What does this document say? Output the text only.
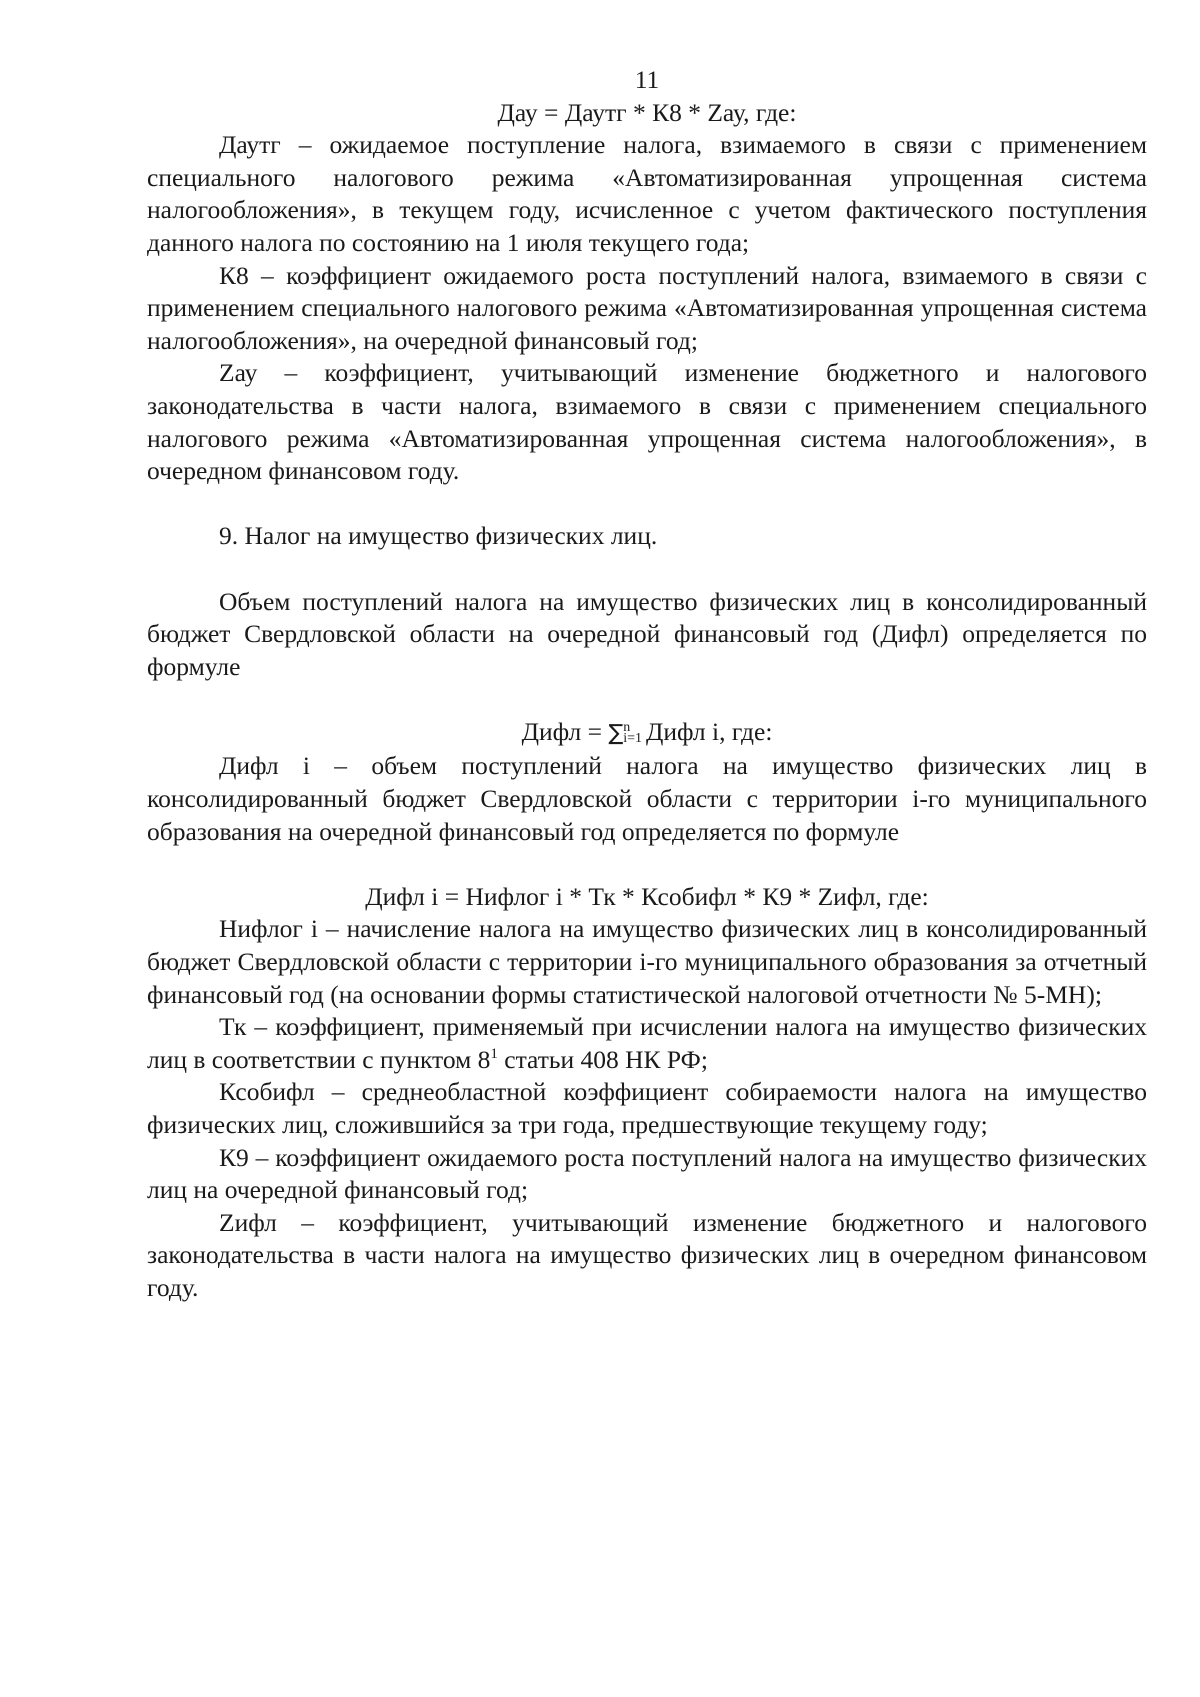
11
Дау = Даутг * К8 * Zау, где:

Даутг – ожидаемое поступление налога, взимаемого в связи с применением специального налогового режима «Автоматизированная упрощенная система налогообложения», в текущем году, исчисленное с учетом фактического поступления данного налога по состоянию на 1 июля текущего года;

К8 – коэффициент ожидаемого роста поступлений налога, взимаемого в связи с применением специального налогового режима «Автоматизированная упрощенная система налогообложения», на очередной финансовый год;

Zау – коэффициент, учитывающий изменение бюджетного и налогового законодательства в части налога, взимаемого в связи с применением специального налогового режима «Автоматизированная упрощенная система налогообложения», в очередном финансовом году.

9. Налог на имущество физических лиц.

Объем поступлений налога на имущество физических лиц в консолидированный бюджет Свердловской области на очередной финансовый год (Дифл) определяется по формуле

Дифл = ∑ n
i=1 Дифл i, где:

Дифл i – объем поступлений налога на имущество физических лиц в консолидированный бюджет Свердловской области с территории i-го муниципального образования на очередной финансовый год определяется по формуле

Дифл i = Нифлог i * Тк * Ксобифл * К9 * Zифл, где:

Нифлог i – начисление налога на имущество физических лиц в консолидированный бюджет Свердловской области с территории i-го муниципального образования за отчетный финансовый год (на основании формы статистической налоговой отчетности № 5-МН);

Тк – коэффициент, применяемый при исчислении налога на имущество физических лиц в соответствии с пунктом $8^1$ статьи 408 НК РФ;

Ксобифл – среднеобластной коэффициент собираемости налога на имущество физических лиц, сложившийся за три года, предшествующие текущему году;

К9 – коэффициент ожидаемого роста поступлений налога на имущество физических лиц на очередной финансовый год;

Zифл – коэффициент, учитывающий изменение бюджетного и налогового законодательства в части налога на имущество физических лиц в очередном финансовом году.
